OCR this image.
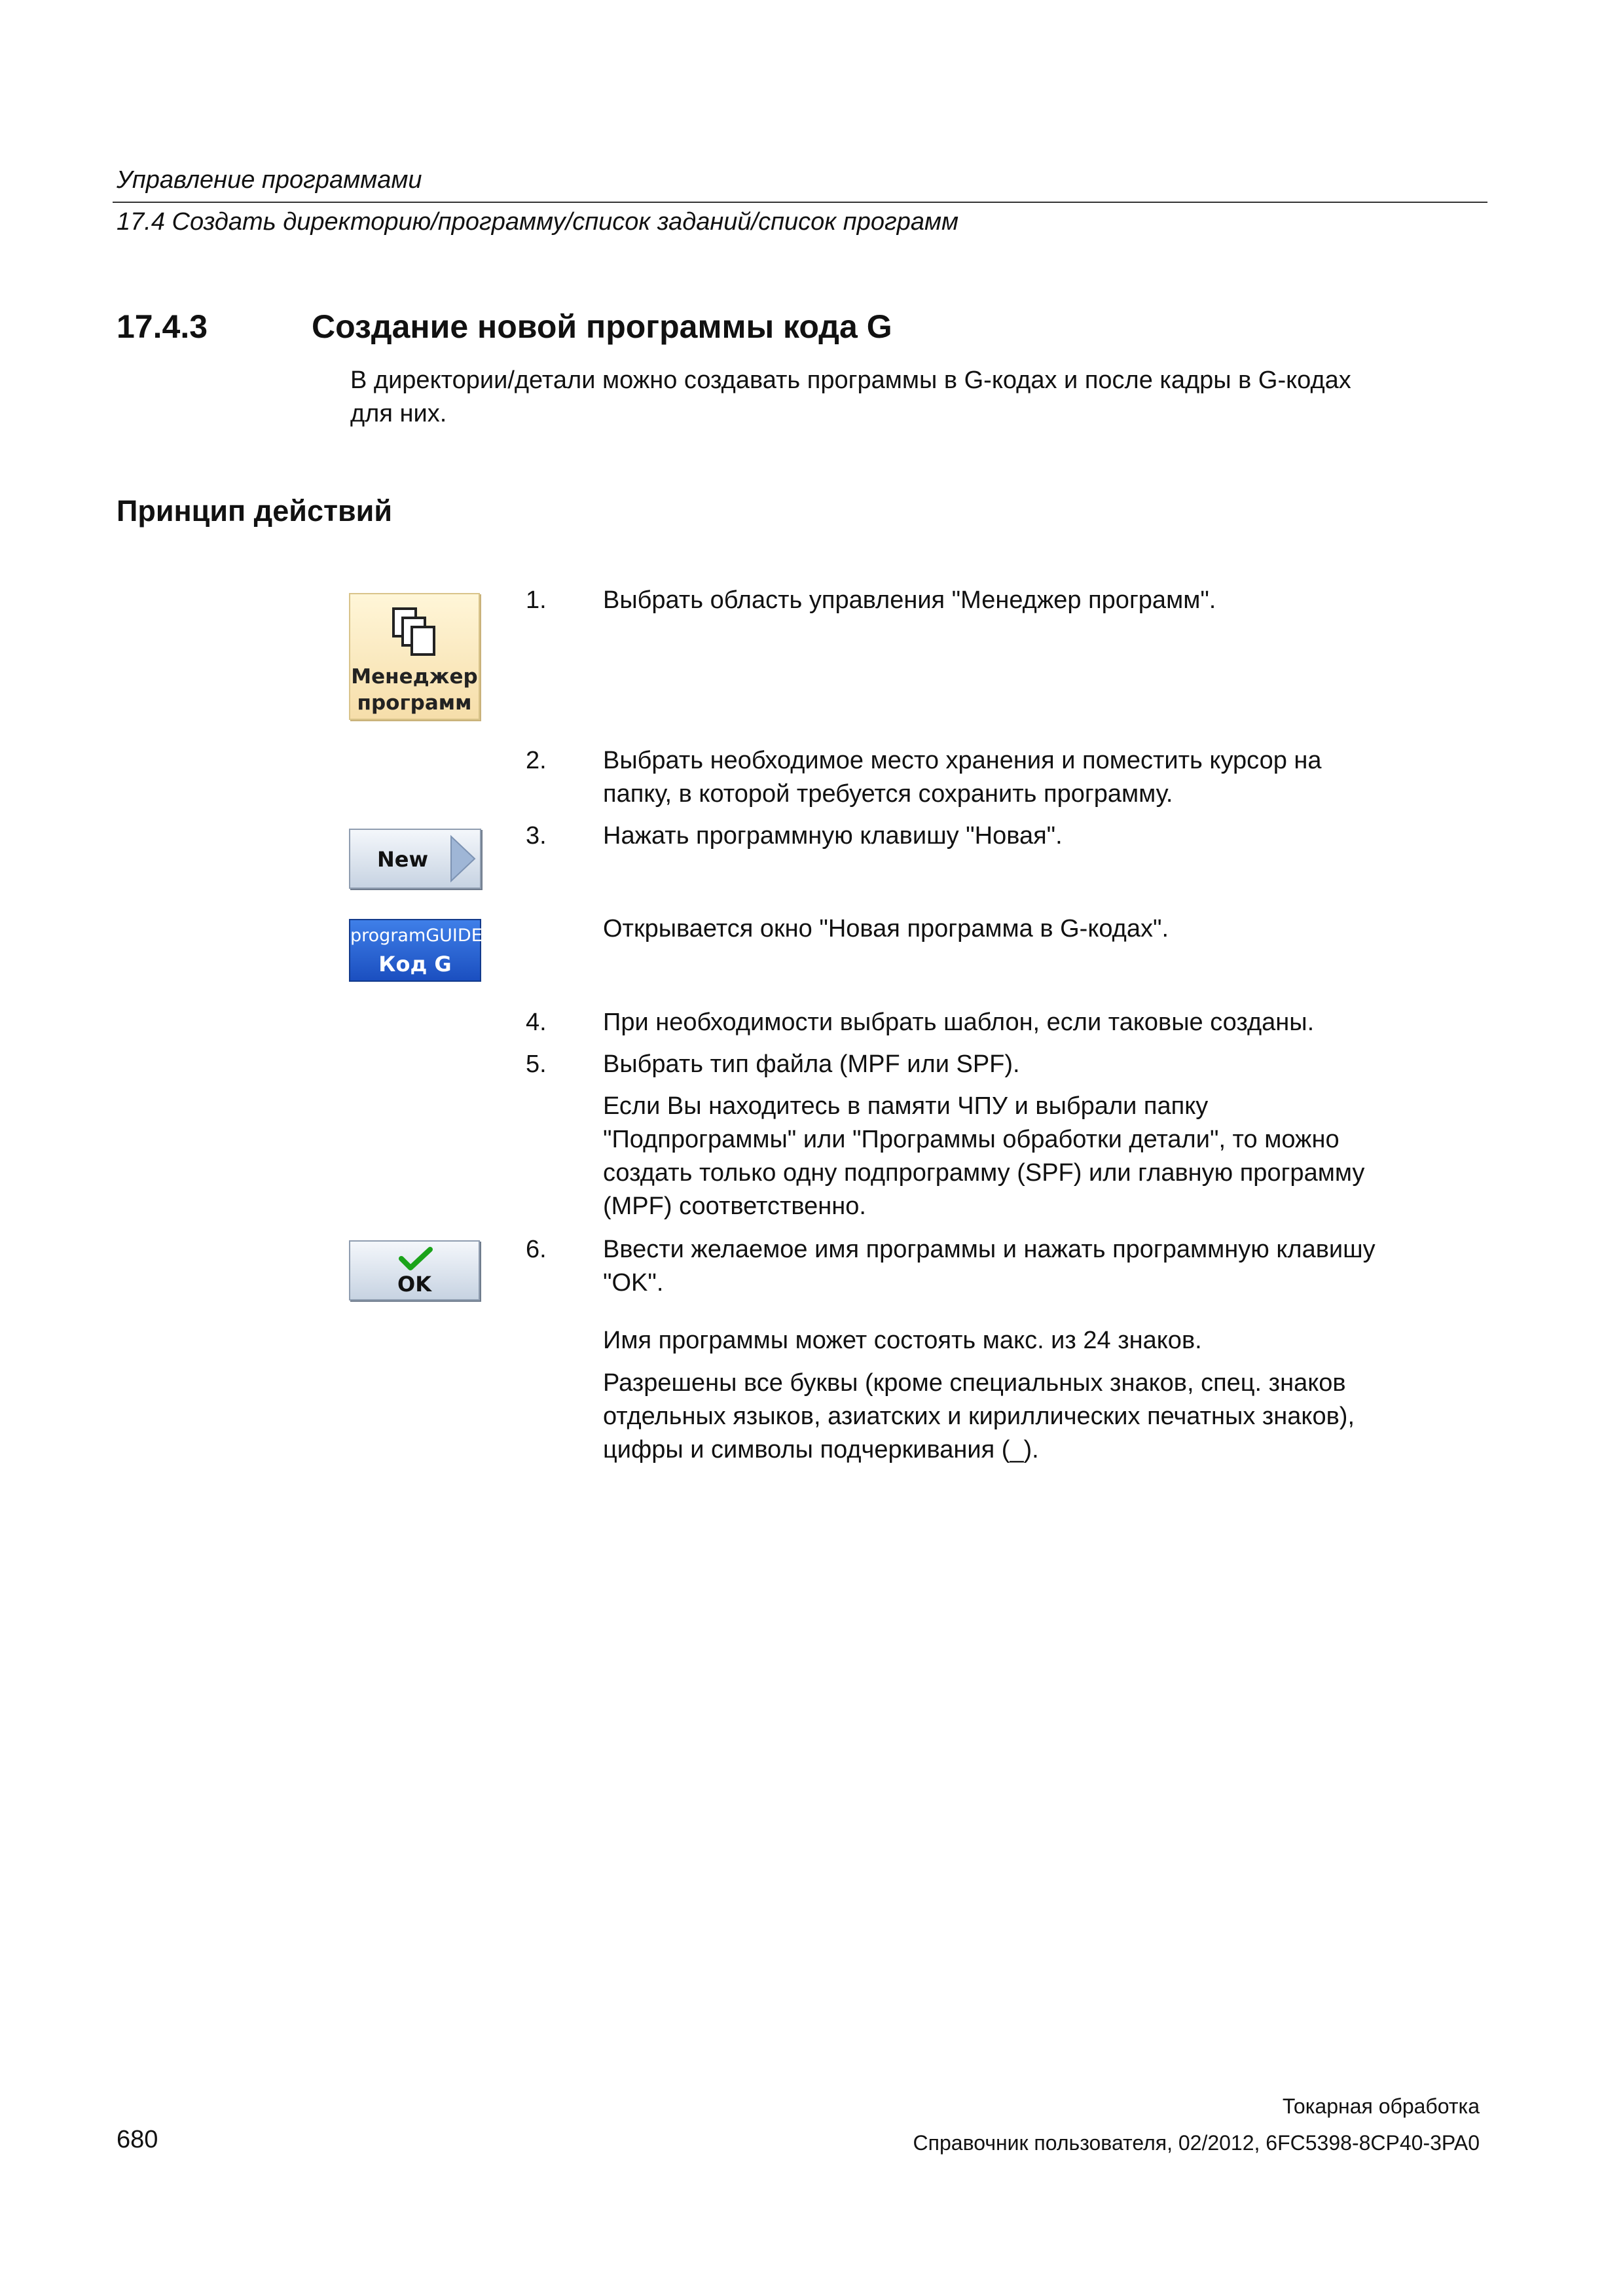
Управление программами
17.4 Создать директорию/программу/список заданий/список программ
17.4.3	Создание новой программы кода G
В директории/детали можно создавать программы в G-кодах и после кадры в G-кодах
для них.
Принцип действий
Менеджер
программ
New
programGUIDE
Код G
OK
1.	Выбрать область управления "Менеджер программ".
2.	Выбрать необходимое место хранения и поместить курсор на
папку, в которой требуется сохранить программу.
3.	Нажать программную клавишу "Новая".
Открывается окно "Новая программа в G-кодах".
4.	При необходимости выбрать шаблон, если таковые созданы.
5.	Выбрать тип файла (MPF или SPF).
Если Вы находитесь в памяти ЧПУ и выбрали папку
"Подпрограммы" или "Программы обработки детали", то можно
создать только одну подпрограмму (SPF) или главную программу
(MPF) соответственно.
6.	Ввести желаемое имя программы и нажать программную клавишу
"OK".
Имя программы может состоять макс. из 24 знаков.
Разрешены все буквы (кроме специальных знаков, спец. знаков
отдельных языков, азиатских и кириллических печатных знаков),
цифры и символы подчеркивания (_).
Токарная обработка
680	Справочник пользователя, 02/2012, 6FC5398-8CP40-3PA0
